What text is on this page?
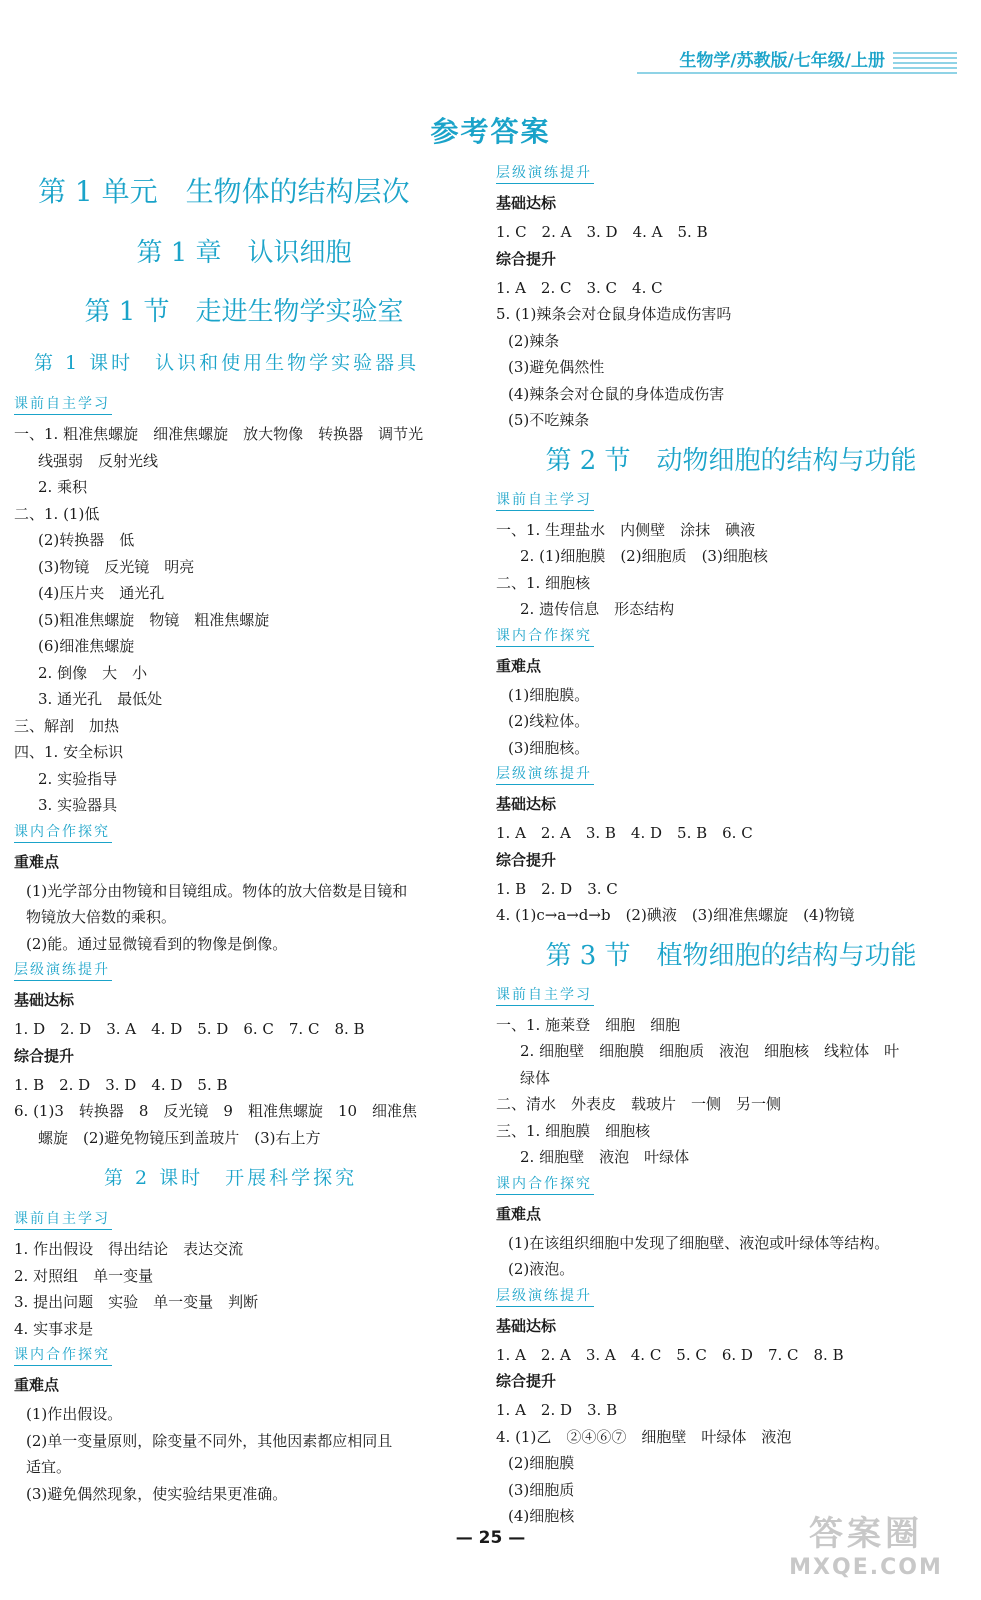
生物学/苏教版/七年级/上册
参考答案
第 1 单元　生物体的结构层次
第 1 章　认识细胞
第 1 节　走进生物学实验室
第 1 课时　认识和使用生物学实验器具
课前自主学习
一、1. 粗准焦螺旋　细准焦螺旋　放大物像　转换器　调节光
线强弱　反射光线
2. 乘积
二、1. (1)低
(2)转换器　低
(3)物镜　反光镜　明亮
(4)压片夹　通光孔
(5)粗准焦螺旋　物镜　粗准焦螺旋
(6)细准焦螺旋
2. 倒像　大　小
3. 通光孔　最低处
三、解剖　加热
四、1. 安全标识
2. 实验指导
3. 实验器具
课内合作探究
重难点
(1)光学部分由物镜和目镜组成。物体的放大倍数是目镜和
物镜放大倍数的乘积。
(2)能。通过显微镜看到的物像是倒像。
层级演练提升
基础达标
1. D　2. D　3. A　4. D　5. D　6. C　7. C　8. B
综合提升
1. B　2. D　3. D　4. D　5. B
6. (1)3　转换器　8　反光镜　9　粗准焦螺旋　10　细准焦
螺旋　(2)避免物镜压到盖玻片　(3)右上方
第 2 课时　开展科学探究
课前自主学习
1. 作出假设　得出结论　表达交流
2. 对照组　单一变量
3. 提出问题　实验　单一变量　判断
4. 实事求是
课内合作探究
重难点
(1)作出假设。
(2)单一变量原则，除变量不同外，其他因素都应相同且
适宜。
(3)避免偶然现象，使实验结果更准确。
层级演练提升
基础达标
1. C　2. A　3. D　4. A　5. B
综合提升
1. A　2. C　3. C　4. C
5. (1)辣条会对仓鼠身体造成伤害吗
(2)辣条
(3)避免偶然性
(4)辣条会对仓鼠的身体造成伤害
(5)不吃辣条
第 2 节　动物细胞的结构与功能
课前自主学习
一、1. 生理盐水　内侧壁　涂抹　碘液
2. (1)细胞膜　(2)细胞质　(3)细胞核
二、1. 细胞核
2. 遗传信息　形态结构
课内合作探究
重难点
(1)细胞膜。
(2)线粒体。
(3)细胞核。
层级演练提升
基础达标
1. A　2. A　3. B　4. D　5. B　6. C
综合提升
1. B　2. D　3. C
4. (1)c→a→d→b　(2)碘液　(3)细准焦螺旋　(4)物镜
第 3 节　植物细胞的结构与功能
课前自主学习
一、1. 施莱登　细胞　细胞
2. 细胞壁　细胞膜　细胞质　液泡　细胞核　线粒体　叶
绿体
二、清水　外表皮　载玻片　一侧　另一侧
三、1. 细胞膜　细胞核
2. 细胞壁　液泡　叶绿体
课内合作探究
重难点
(1)在该组织细胞中发现了细胞壁、液泡或叶绿体等结构。
(2)液泡。
层级演练提升
基础达标
1. A　2. A　3. A　4. C　5. C　6. D　7. C　8. B
综合提升
1. A　2. D　3. B
4. (1)乙　②④⑥⑦　细胞壁　叶绿体　液泡
(2)细胞膜
(3)细胞质
(4)细胞核
— 25 —	答案圈
MXQE.COM
